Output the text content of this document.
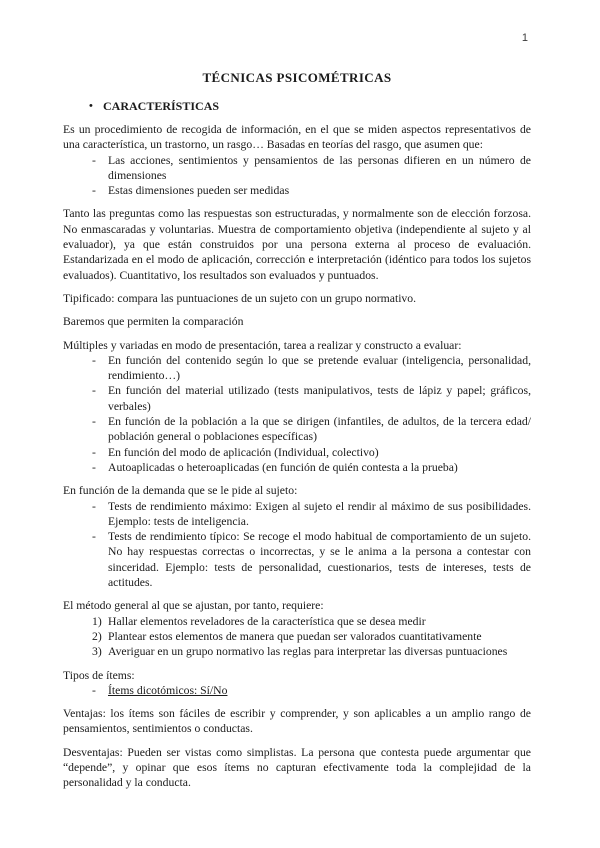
1
TÉCNICAS PSICOMÉTRICAS
• CARACTERÍSTICAS

Es un procedimiento de recogida de información, en el que se miden aspectos representativos de una característica, un trastorno, un rasgo… Basadas en teorías del rasgo, que asumen que:

-	Las acciones, sentimientos y pensamientos de las personas difieren en un número de dimensiones
-	Estas dimensiones pueden ser medidas

Tanto las preguntas como las respuestas son estructuradas, y normalmente son de elección forzosa. No enmascaradas y voluntarias. Muestra de comportamiento objetiva (independiente al sujeto y al evaluador), ya que están construidos por una persona externa al proceso de evaluación. Estandarizada en el modo de aplicación, corrección e interpretación (idéntico para todos los sujetos evaluados). Cuantitativo, los resultados son evaluados y puntuados.

Tipificado: compara las puntuaciones de un sujeto con un grupo normativo.

Baremos que permiten la comparación

Múltiples y variadas en modo de presentación, tarea a realizar y constructo a evaluar:

-	En función del contenido según lo que se pretende evaluar (inteligencia, personalidad, rendimiento…)
-	En función del material utilizado (tests manipulativos, tests de lápiz y papel; gráficos, verbales)
-	En función de la población a la que se dirigen (infantiles, de adultos, de la tercera edad/ población general o poblaciones específicas)
-	En función del modo de aplicación (Individual, colectivo)
-	Autoaplicadas o heteroaplicadas (en función de quién contesta a la prueba)

En función de la demanda que se le pide al sujeto:

-	Tests de rendimiento máximo: Exigen al sujeto el rendir al máximo de sus posibilidades. Ejemplo: tests de inteligencia.
-	Tests de rendimiento típico: Se recoge el modo habitual de comportamiento de un sujeto. No hay respuestas correctas o incorrectas, y se le anima a la persona a contestar con sinceridad. Ejemplo: tests de personalidad, cuestionarios, tests de intereses, tests de actitudes.

El método general al que se ajustan, por tanto, requiere:

1) Hallar elementos reveladores de la característica que se desea medir
2) Plantear estos elementos de manera que puedan ser valorados cuantitativamente
3) Averiguar en un grupo normativo las reglas para interpretar las diversas puntuaciones

Tipos de ítems:

-	Ítems dicotómicos: Sí/No

Ventajas: los ítems son fáciles de escribir y comprender, y son aplicables a un amplio rango de pensamientos, sentimientos o conductas.

Desventajas: Pueden ser vistas como simplistas. La persona que contesta puede argumentar que “depende”, y opinar que esos ítems no capturan efectivamente toda la complejidad de la personalidad y la conducta.
